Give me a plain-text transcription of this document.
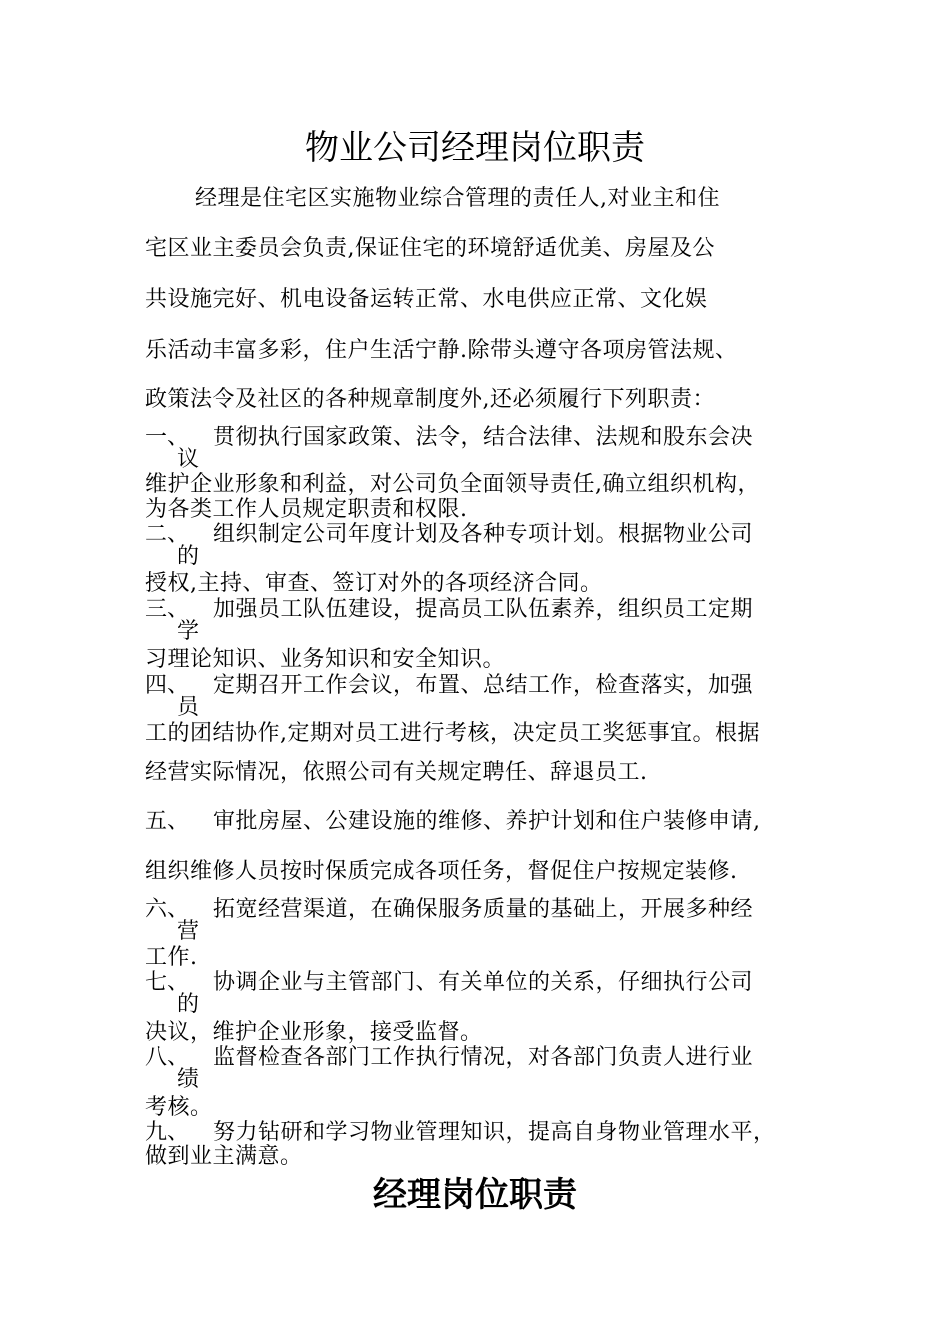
物业公司经理岗位职责
经理是住宅区实施物业综合管理的责任人,对业主和住
宅区业主委员会负责,保证住宅的环境舒适优美、房屋及公
共设施完好、机电设备运转正常、水电供应正常、文化娱
乐活动丰富多彩，住户生活宁静.除带头遵守各项房管法规、
政策法令及社区的各种规章制度外,还必须履行下列职责：
一、 贯彻执行国家政策、法令，结合法律、法规和股东会决
议
维护企业形象和利益，对公司负全面领导责任,确立组织机构，
为各类工作人员规定职责和权限.
二、 组织制定公司年度计划及各种专项计划。根据物业公司
的
授权,主持、审查、签订对外的各项经济合同。
三、 加强员工队伍建设，提高员工队伍素养，组织员工定期
学
习理论知识、业务知识和安全知识。
四、 定期召开工作会议，布置、总结工作，检查落实，加强
员
工的团结协作,定期对员工进行考核，决定员工奖惩事宜。根据
经营实际情况，依照公司有关规定聘任、辞退员工.
五、 审批房屋、公建设施的维修、养护计划和住户装修申请,
组织维修人员按时保质完成各项任务，督促住户按规定装修.
六、 拓宽经营渠道，在确保服务质量的基础上，开展多种经
营
工作.
七、 协调企业与主管部门、有关单位的关系，仔细执行公司
的
决议，维护企业形象，接受监督。
八、 监督检查各部门工作执行情况，对各部门负责人进行业
绩
考核。
九、 努力钻研和学习物业管理知识，提高自身物业管理水平，
做到业主满意。
经理岗位职责
